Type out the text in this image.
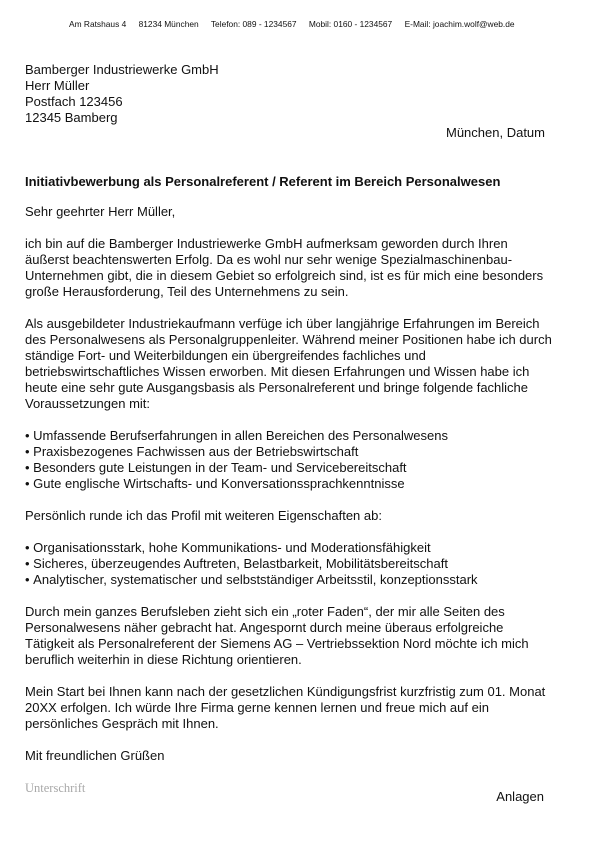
Am Ratshaus 4 81234 München Telefon: 089 - 1234567 Mobil: 0160 - 1234567 E-Mail: joachim.wolf@web.de
Bamberger Industriewerke GmbH
Herr Müller
Postfach 123456
12345 Bamberg
München, Datum
Initiativbewerbung als Personalreferent / Referent im Bereich Personalwesen

Sehr geehrter Herr Müller,

ich bin auf die Bamberger Industriewerke GmbH aufmerksam geworden durch Ihren äußerst beachtenswerten Erfolg. Da es wohl nur sehr wenige Spezialmaschinenbau-Unternehmen gibt, die in diesem Gebiet so erfolgreich sind, ist es für mich eine besonders große Herausforderung, Teil des Unternehmens zu sein.

Als ausgebildeter Industriekaufmann verfüge ich über langjährige Erfahrungen im Bereich des Personalwesens als Personalgruppenleiter. Während meiner Positionen habe ich durch ständige Fort- und Weiterbildungen ein übergreifendes fachliches und betriebswirtschaftliches Wissen erworben. Mit diesen Erfahrungen und Wissen habe ich heute eine sehr gute Ausgangsbasis als Personalreferent und bringe folgende fachliche Voraussetzungen mit:

• Umfassende Berufserfahrungen in allen Bereichen des Personalwesens
• Praxisbezogenes Fachwissen aus der Betriebswirtschaft
• Besonders gute Leistungen in der Team- und Servicebereitschaft
• Gute englische Wirtschafts- und Konversationssprachkenntnisse

Persönlich runde ich das Profil mit weiteren Eigenschaften ab:

• Organisationsstark, hohe Kommunikations- und Moderationsfähigkeit
• Sicheres, überzeugendes Auftreten, Belastbarkeit, Mobilitätsbereitschaft
• Analytischer, systematischer und selbstständiger Arbeitsstil, konzeptionsstark

Durch mein ganzes Berufsleben zieht sich ein „roter Faden“, der mir alle Seiten des Personalwesens näher gebracht hat. Angespornt durch meine überaus erfolgreiche Tätigkeit als Personalreferent der Siemens AG – Vertriebssektion Nord möchte ich mich beruflich weiterhin in diese Richtung orientieren.

Mein Start bei Ihnen kann nach der gesetzlichen Kündigungsfrist kurzfristig zum 01. Monat 20XX erfolgen. Ich würde Ihre Firma gerne kennen lernen und freue mich auf ein persönliches Gespräch mit Ihnen.

Mit freundlichen Grüßen

Unterschrift
Anlagen
